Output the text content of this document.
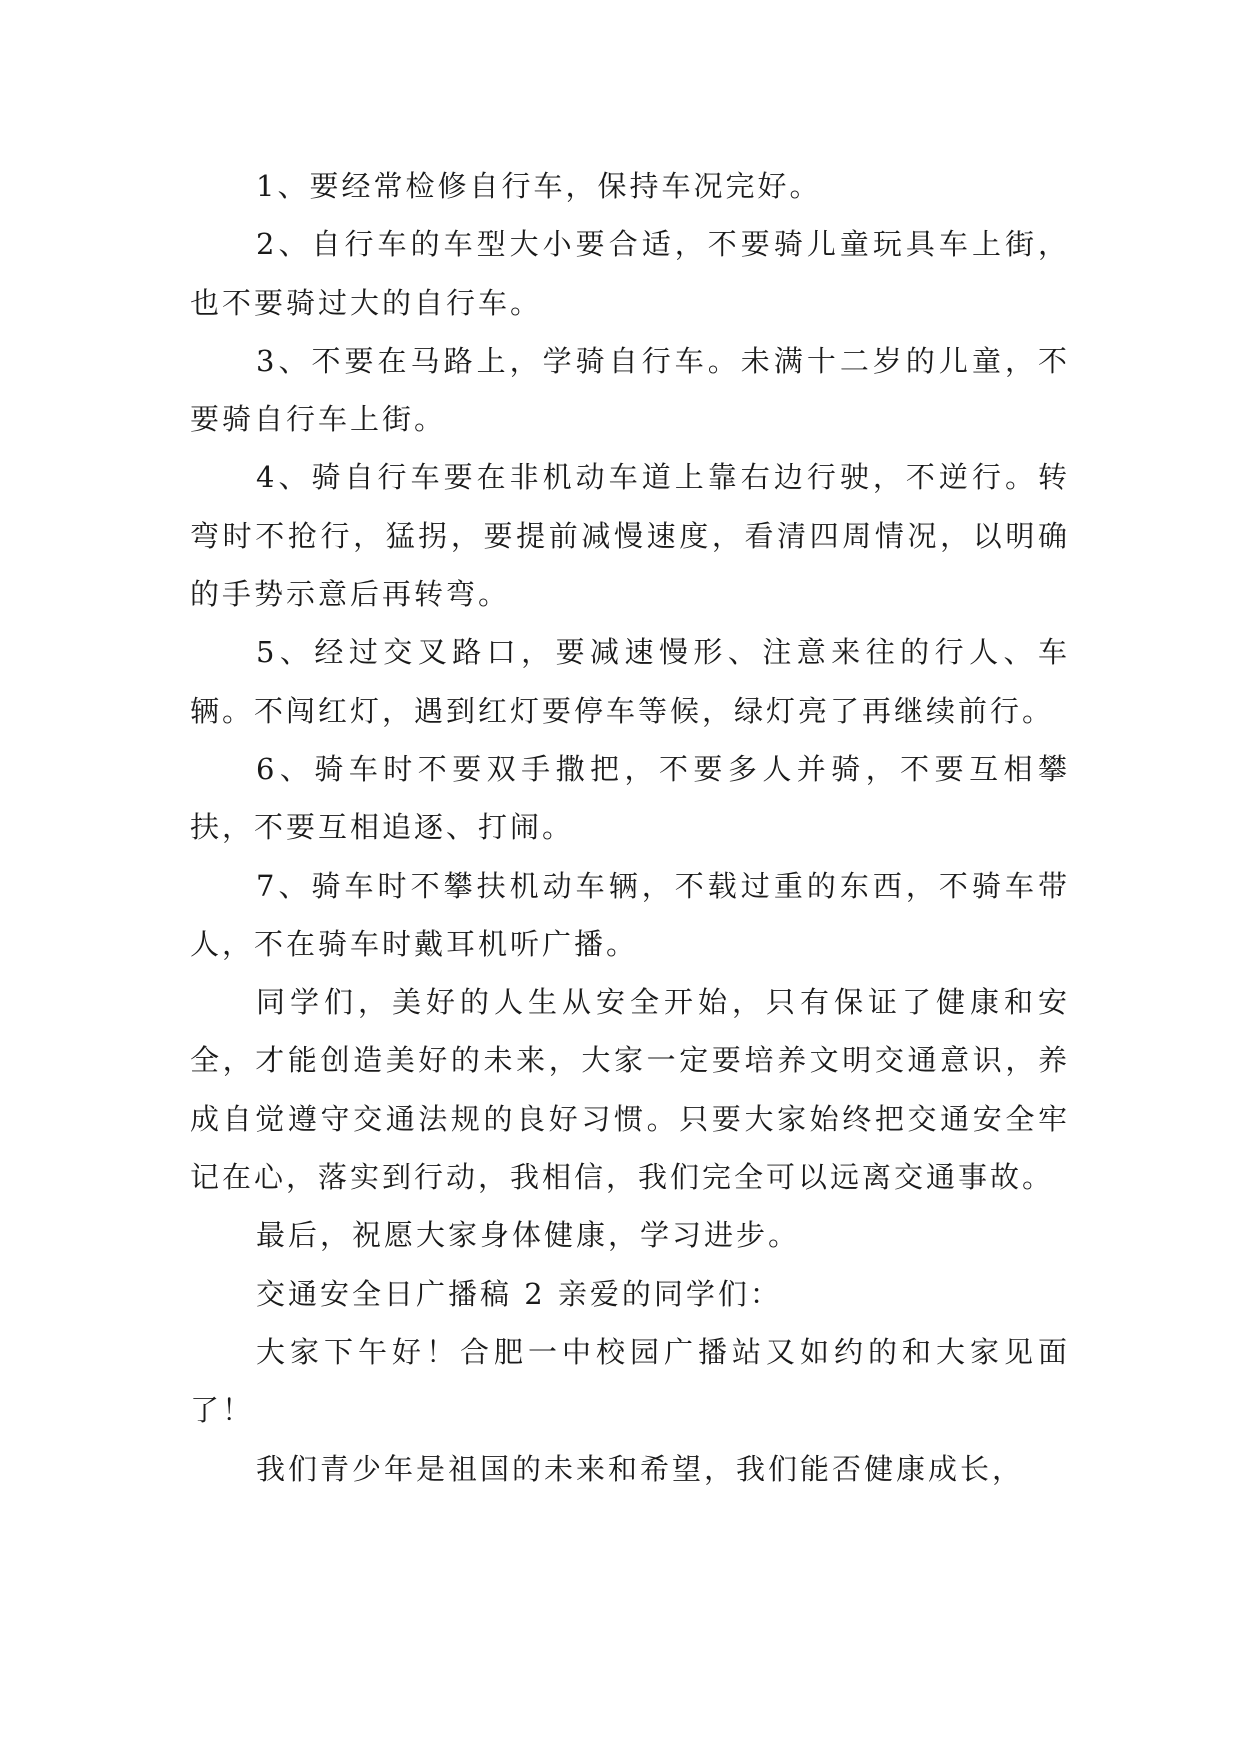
1、要经常检修自行车，保持车况完好。

2、自行车的车型大小要合适，不要骑儿童玩具车上街，也不要骑过大的自行车。

3、不要在马路上，学骑自行车。未满十二岁的儿童，不要骑自行车上街。

4、骑自行车要在非机动车道上靠右边行驶，不逆行。转弯时不抢行，猛拐，要提前减慢速度，看清四周情况，以明确的手势示意后再转弯。

5、经过交叉路口，要减速慢形、注意来往的行人、车辆。不闯红灯，遇到红灯要停车等候，绿灯亮了再继续前行。

6、骑车时不要双手撒把，不要多人并骑，不要互相攀扶，不要互相追逐、打闹。

7、骑车时不攀扶机动车辆，不载过重的东西，不骑车带人，不在骑车时戴耳机听广播。

同学们，美好的人生从安全开始，只有保证了健康和安全，才能创造美好的未来，大家一定要培养文明交通意识，养成自觉遵守交通法规的良好习惯。只要大家始终把交通安全牢记在心，落实到行动，我相信，我们完全可以远离交通事故。

最后，祝愿大家身体健康，学习进步。

交通安全日广播稿 2 亲爱的同学们：

大家下午好！合肥一中校园广播站又如约的和大家见面了！

我们青少年是祖国的未来和希望，我们能否健康成长，
